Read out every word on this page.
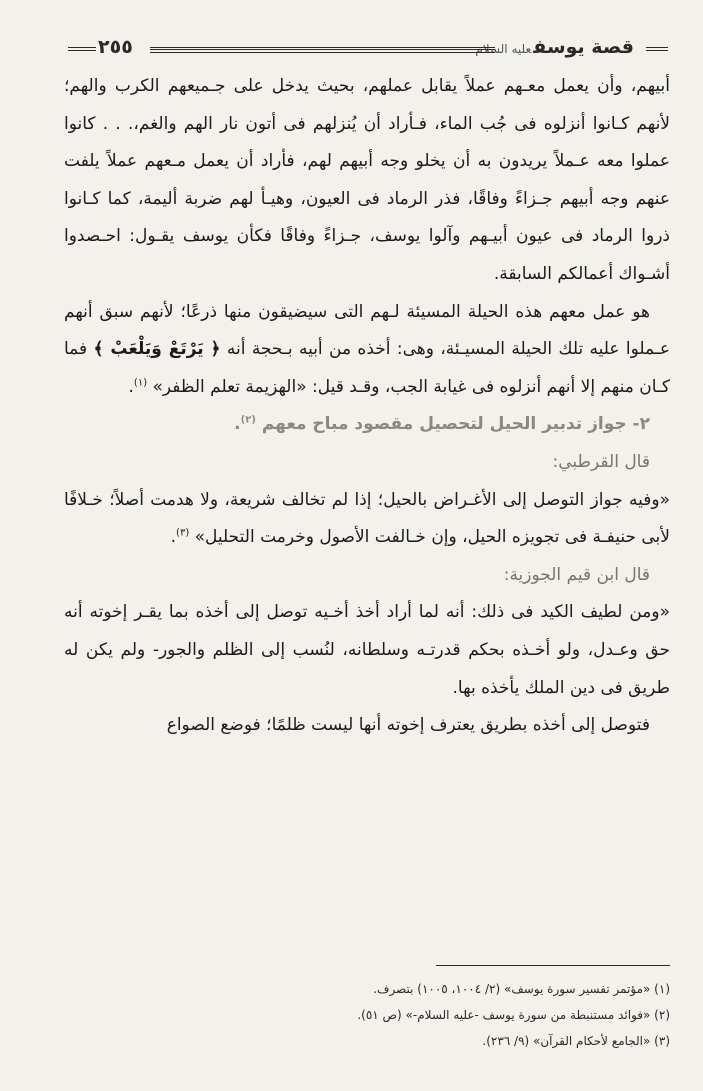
قصة يوسفعليه السلام
٢٥٥

أبيهم، وأن يعمل معـهم عملاً يقابل عملهم، بحيث يدخل على جـميعهم الكرب والهم؛ لأنهم كـانوا أنزلوه فى جُب الماء، فـأراد أن يُنزلهم فى أتون نار الهم والغم،. . . كانوا عملوا معه عـملاً يريدون به أن يخلو وجه أبيهم لهم، فأراد أن يعمل مـعهم عملاً يلفت عنهم وجه أبيهم جـزاءً وفاقًا، فذر الرماد فى العيون، وهيـأ لهم ضربة أليمة، كما كـانوا ذروا الرماد فى عيون أبيـهم وآلوا يوسف، جـزاءً وفاقًا فكأن يوسف يقـول: احـصدوا أشـواك أعمالكم السابقة.

هو عمل معهم هذه الحيلة المسيئة لـهم التى سيضيقون منها ذرعًا؛ لأنهم سبق أنهم عـملوا عليه تلك الحيلة المسيـئة، وهى: أخذه من أبيه بـحجة أنه ﴿ يَرْتَعْ وَيَلْعَبْ ﴾ فما كـان منهم إلا أنهم أنزلوه فى غيابة الجب، وقـد قيل: «الهزيمة تعلم الظفر» $^{(١)}$.

٢- جواز تدبير الحيل لتحصيل مقصود مباح معهم $^{(٢)}$.

قال القرطبي:

«وفيه جواز التوصل إلى الأغـراض بالحيل؛ إذا لم تخالف شريعة، ولا هدمت أصلاً؛ خـلافًا لأبى حنيفـة فى تجويزه الحيل، وإن خـالفت الأصول وخرمت التحليل» $^{(٣)}$.

قال ابن قيم الجوزية:

«ومن لطيف الكيد فى ذلك: أنه لما أراد أخذ أخـيه توصل إلى أخذه بما يقـر إخوته أنه حق وعـدل، ولو أخـذه بحكم قدرتـه وسلطانه، لنُسب إلى الظلم والجور- ولم يكن له طريق فى دين الملك يأخذه بها.

فتوصل إلى أخذه بطريق يعترف إخوته أنها ليست ظلمًا؛ فوضع الصواع

(١) «مؤتمر تفسير سورة يوسف» (٢/ ١٠٠٤، ١٠٠٥) بتصرف.

(٢) «فوائد مستنبطة من سورة يوسف -عليه السلام-» (ص ٥١).

(٣) «الجامع لأحكام القرآن» (٩/ ٢٣٦).
